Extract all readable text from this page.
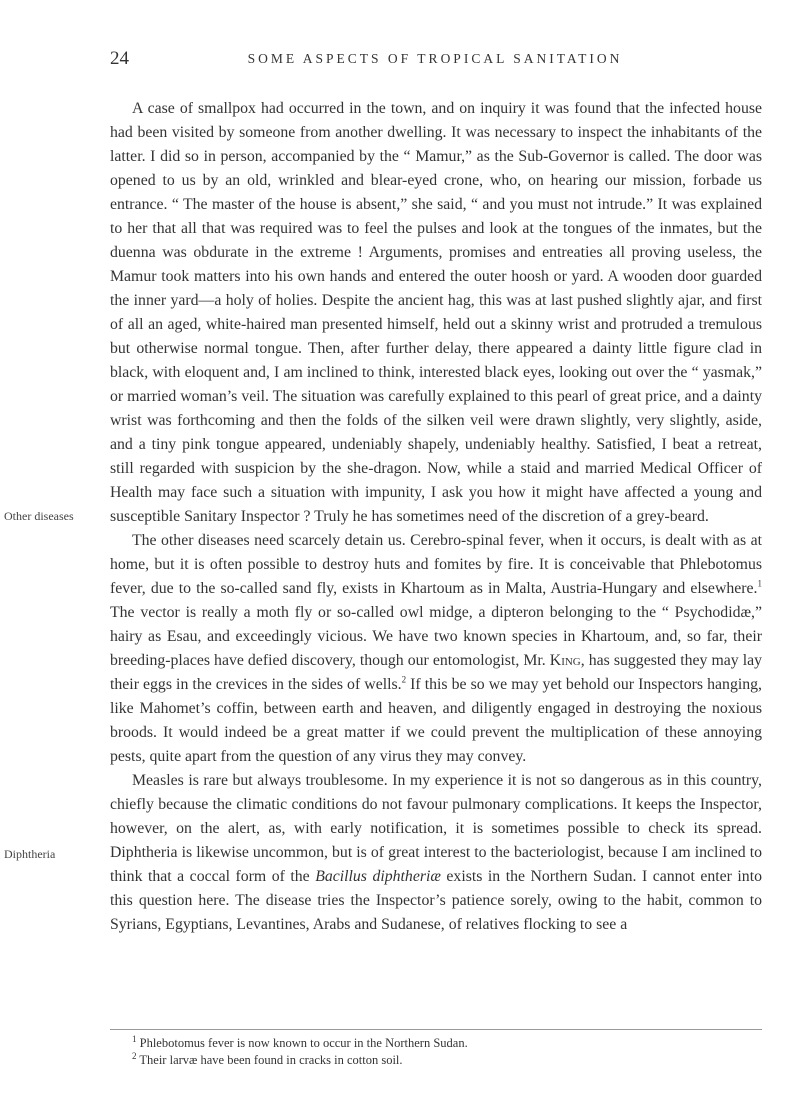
24	SOME ASPECTS OF TROPICAL SANITATION
Other diseases
Diphtheria

A case of smallpox had occurred in the town, and on inquiry it was found that the infected house had been visited by someone from another dwelling. It was necessary to inspect the inhabitants of the latter. I did so in person, accompanied by the “ Mamur,” as the Sub-Governor is called. The door was opened to us by an old, wrinkled and blear-eyed crone, who, on hearing our mission, forbade us entrance. “ The master of the house is absent,” she said, “ and you must not intrude.” It was explained to her that all that was required was to feel the pulses and look at the tongues of the inmates, but the duenna was obdurate in the extreme ! Arguments, promises and entreaties all proving useless, the Mamur took matters into his own hands and entered the outer hoosh or yard. A wooden door guarded the inner yard—a holy of holies. Despite the ancient hag, this was at last pushed slightly ajar, and first of all an aged, white-haired man presented himself, held out a skinny wrist and protruded a tremulous but otherwise normal tongue. Then, after further delay, there appeared a dainty little figure clad in black, with eloquent and, I am inclined to think, interested black eyes, looking out over the “ yasmak,” or married woman’s veil. The situation was carefully explained to this pearl of great price, and a dainty wrist was forthcoming and then the folds of the silken veil were drawn slightly, very slightly, aside, and a tiny pink tongue appeared, undeniably shapely, undeniably healthy. Satisfied, I beat a retreat, still regarded with suspicion by the she-dragon. Now, while a staid and married Medical Officer of Health may face such a situation with impunity, I ask you how it might have affected a young and susceptible Sanitary Inspector ? Truly he has sometimes need of the discretion of a grey-beard.

The other diseases need scarcely detain us. Cerebro-spinal fever, when it occurs, is dealt with as at home, but it is often possible to destroy huts and fomites by fire. It is conceivable that Phlebotomus fever, due to the so-called sand fly, exists in Khartoum as in Malta, Austria-Hungary and elsewhere.$^1$ The vector is really a moth fly or so-called owl midge, a dipteron belonging to the “ Psychodidæ,” hairy as Esau, and exceedingly vicious. We have two known species in Khartoum, and, so far, their breeding-places have defied discovery, though our entomologist, Mr. King, has suggested they may lay their eggs in the crevices in the sides of wells.$^2$ If this be so we may yet behold our Inspectors hanging, like Mahomet’s coffin, between earth and heaven, and diligently engaged in destroying the noxious broods. It would indeed be a great matter if we could prevent the multiplication of these annoying pests, quite apart from the question of any virus they may convey.

Measles is rare but always troublesome. In my experience it is not so dangerous as in this country, chiefly because the climatic conditions do not favour pulmonary complications. It keeps the Inspector, however, on the alert, as, with early notification, it is sometimes possible to check its spread. Diphtheria is likewise uncommon, but is of great interest to the bacteriologist, because I am inclined to think that a coccal form of the Bacillus diphtheriæ exists in the Northern Sudan. I cannot enter into this question here. The disease tries the Inspector’s patience sorely, owing to the habit, common to Syrians, Egyptians, Levantines, Arabs and Sudanese, of relatives flocking to see a

$^1$ Phlebotomus fever is now known to occur in the Northern Sudan.
$^2$ Their larvæ have been found in cracks in cotton soil.
